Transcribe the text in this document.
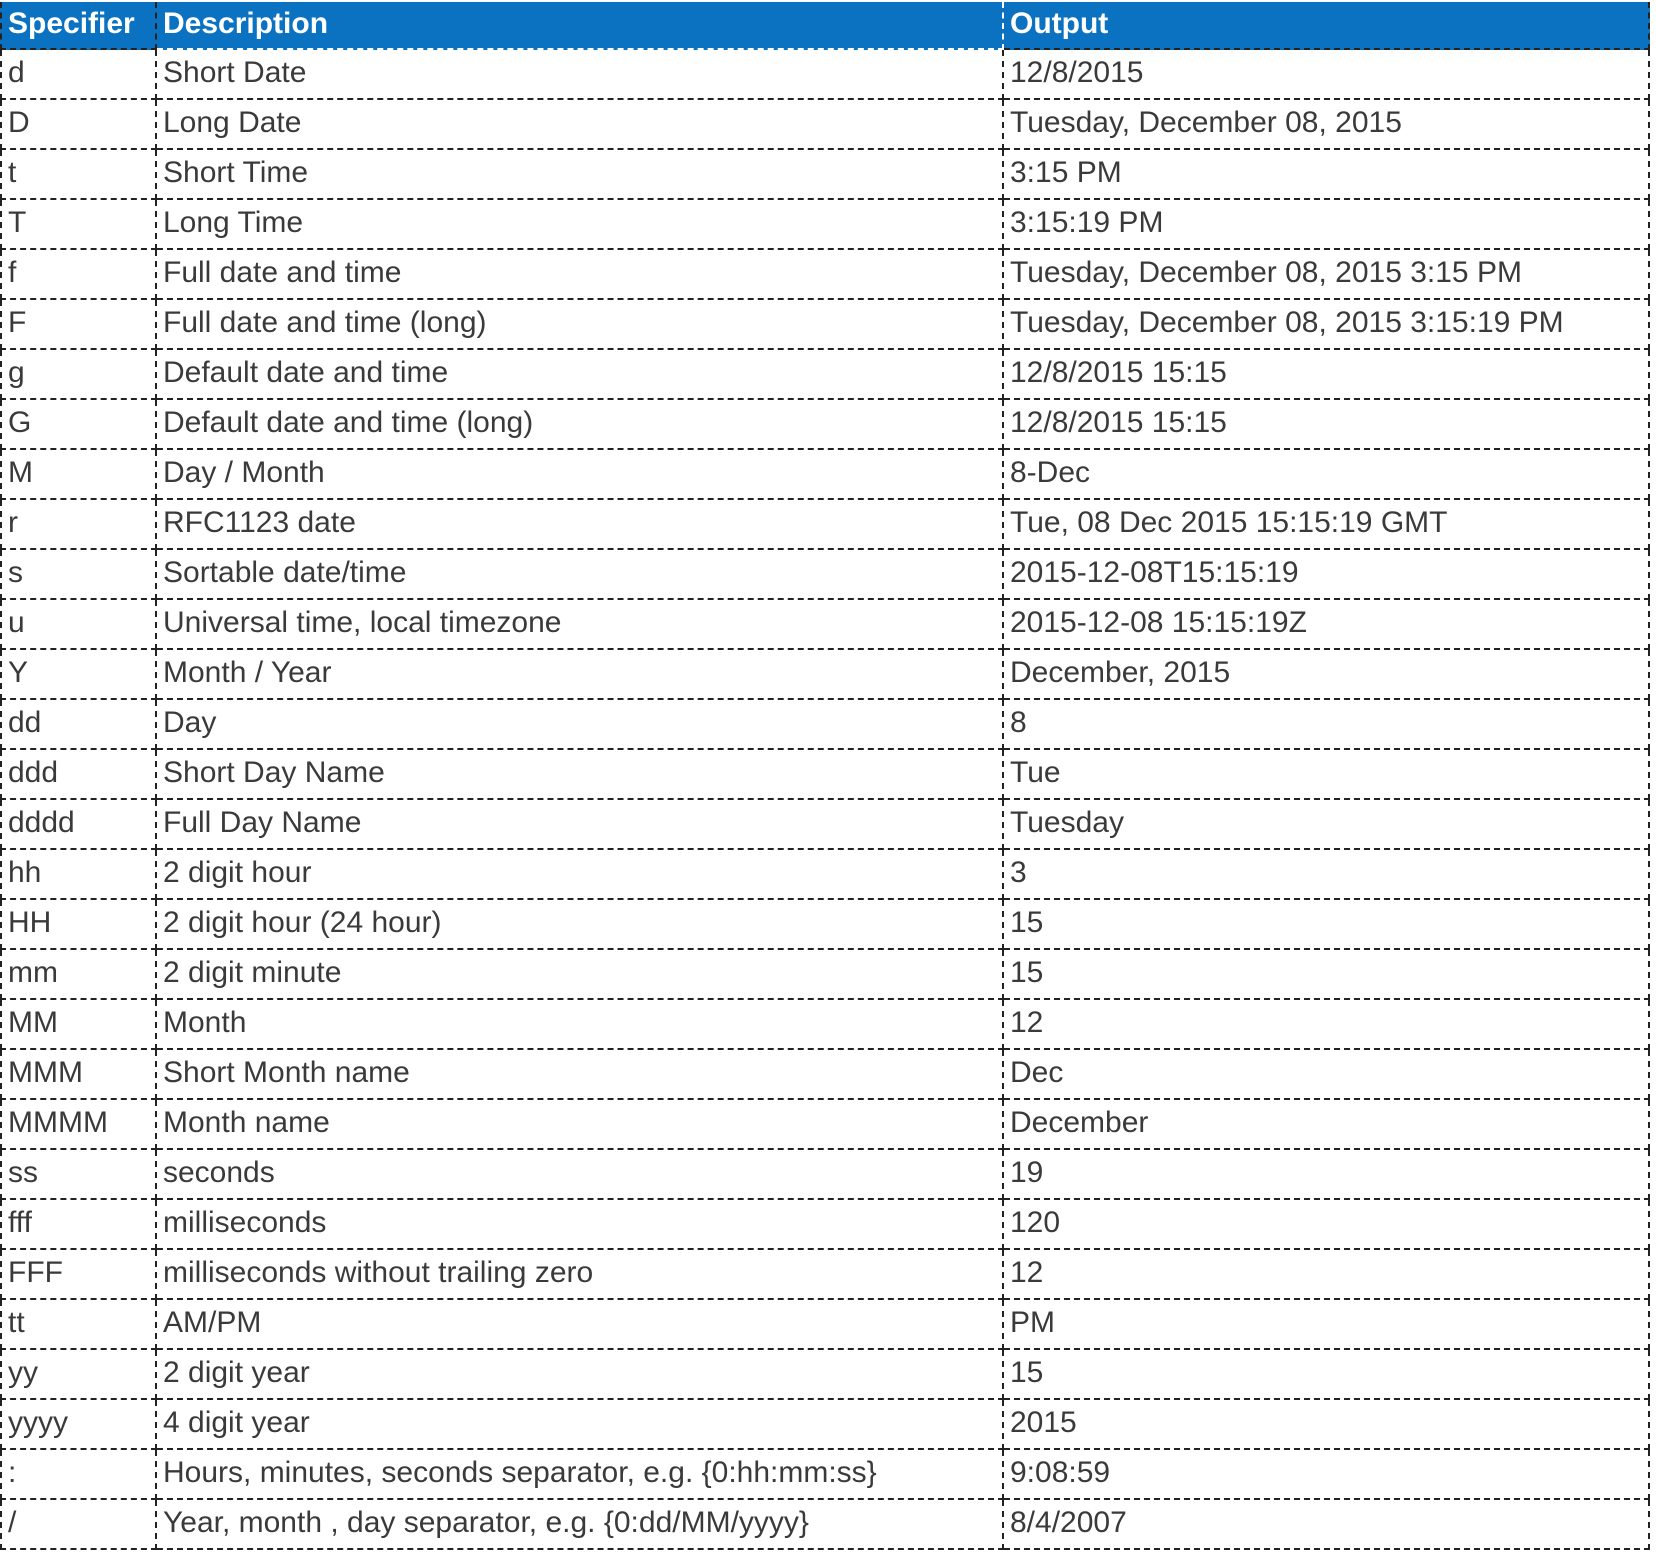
Specifier	Description	Output
d	Short Date	12/8/2015
D	Long Date	Tuesday, December 08, 2015
t	Short Time	3:15 PM
T	Long Time	3:15:19 PM
f	Full date and time	Tuesday, December 08, 2015 3:15 PM
F	Full date and time (long)	Tuesday, December 08, 2015 3:15:19 PM
g	Default date and time	12/8/2015 15:15
G	Default date and time (long)	12/8/2015 15:15
M	Day / Month	8-Dec
r	RFC1123 date	Tue, 08 Dec 2015 15:15:19 GMT
s	Sortable date/time	2015-12-08T15:15:19
u	Universal time, local timezone	2015-12-08 15:15:19Z
Y	Month / Year	December, 2015
dd	Day	8
ddd	Short Day Name	Tue
dddd	Full Day Name	Tuesday
hh	2 digit hour	3
HH	2 digit hour (24 hour)	15
mm	2 digit minute	15
MM	Month	12
MMM	Short Month name	Dec
MMMM	Month name	December
ss	seconds	19
fff	milliseconds	120
FFF	milliseconds without trailing zero	12
tt	AM/PM	PM
yy	2 digit year	15
yyyy	4 digit year	2015
:	Hours, minutes, seconds separator, e.g. {0:hh:mm:ss}	9:08:59
/	Year, month , day separator, e.g. {0:dd/MM/yyyy}	8/4/2007
